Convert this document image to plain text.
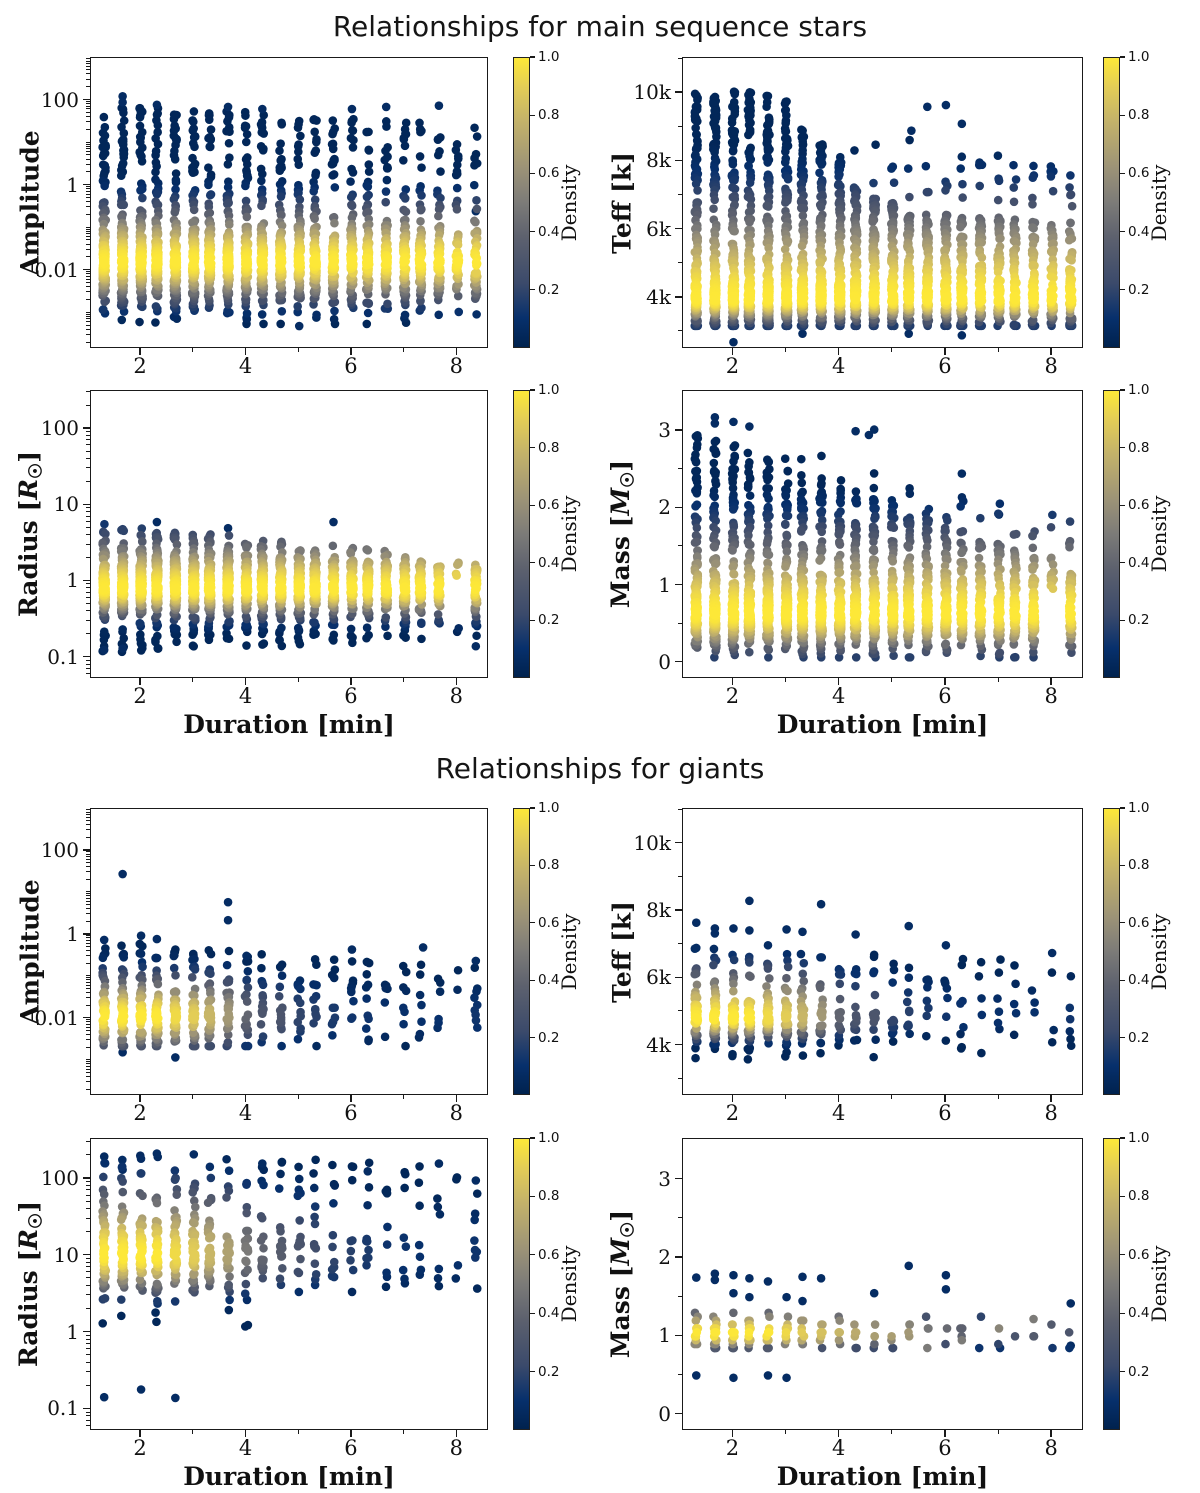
Relationships for main sequence stars
Relationships for giants
0.01
1
100
2	4	6	8
Amplitude
0.2
0.4
0.6
0.8
1.0
Density
4k
6k
8k
10k
2	4	6	8
Teff [k]
0.2
0.4
0.6
0.8
1.0
Density
0.1
1
10
100
2	4	6	8
Radius $[R_☉]$
Duration [min]
0.2
0.4
0.6
0.8
1.0
Density
0
1
2
3
2	4	6	8
Mass $[M_☉]$
Duration [min]
0.2
0.4
0.6
0.8
1.0
Density
0.01
1
100
2	4	6	8
Amplitude
0.2
0.4
0.6
0.8
1.0
Density
4k
6k
8k
10k
2	4	6	8
Teff [k]
0.2
0.4
0.6
0.8
1.0
Density
0.1
1
10
100
2	4	6	8
Radius $[R_☉]$
Duration [min]
0.2
0.4
0.6
0.8
1.0
Density
0
1
2
3
2	4	6	8
Mass $[M_☉]$
Duration [min]
0.2
0.4
0.6
0.8
1.0
Density
